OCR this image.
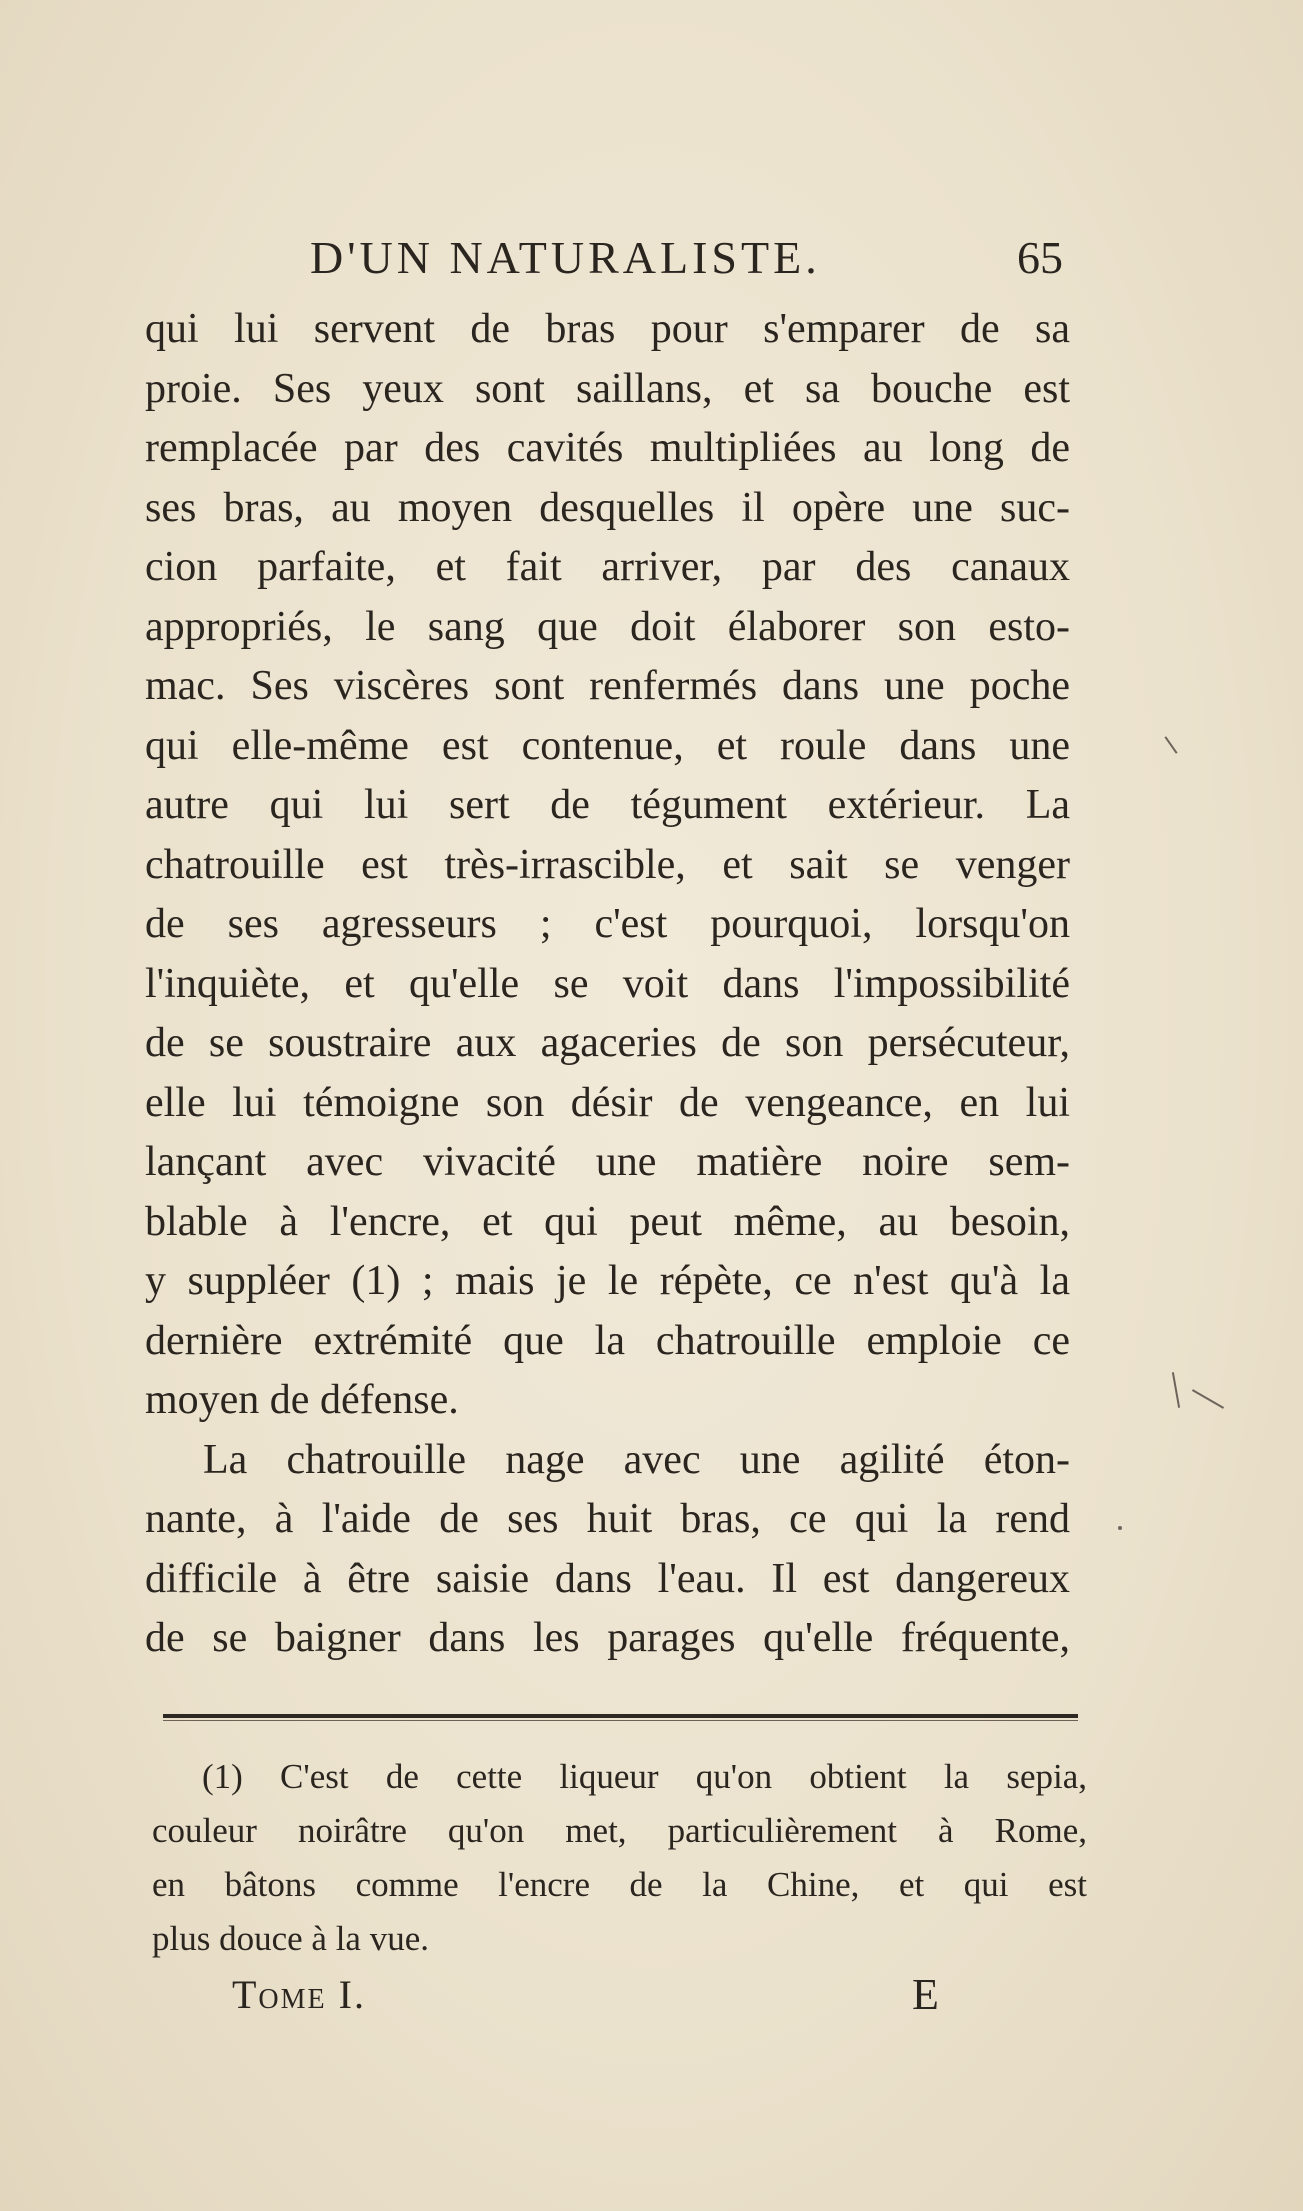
D'UN NATURALISTE.	65
qui lui servent de bras pour s'emparer de sa
proie. Ses yeux sont saillans, et sa bouche est
remplacée par des cavités multipliées au long de
ses bras, au moyen desquelles il opère une suc-
cion parfaite, et fait arriver, par des canaux
appropriés, le sang que doit élaborer son esto-
mac. Ses viscères sont renfermés dans une poche
qui elle-même est contenue, et roule dans une
autre qui lui sert de tégument extérieur. La
chatrouille est très-irrascible, et sait se venger
de ses agresseurs ; c'est pourquoi, lorsqu'on
l'inquiète, et qu'elle se voit dans l'impossibilité
de se soustraire aux agaceries de son persécuteur,
elle lui témoigne son désir de vengeance, en lui
lançant avec vivacité une matière noire sem-
blable à l'encre, et qui peut même, au besoin,
y suppléer (1) ; mais je le répète, ce n'est qu'à la
dernière extrémité que la chatrouille emploie ce
moyen de défense.
La chatrouille nage avec une agilité éton-
nante, à l'aide de ses huit bras, ce qui la rend
difficile à être saisie dans l'eau. Il est dangereux
de se baigner dans les parages qu'elle fréquente,
(1) C'est de cette liqueur qu'on obtient la sepia,
couleur noirâtre qu'on met, particulièrement à Rome,
en bâtons comme l'encre de la Chine, et qui est
plus douce à la vue.
Tome I.	E
